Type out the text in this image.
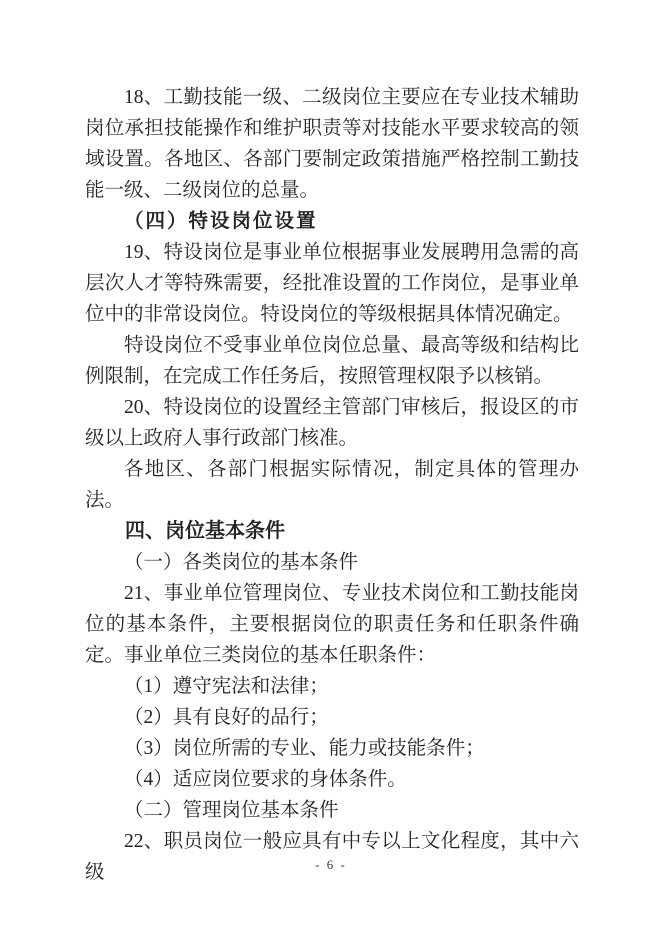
18、工勤技能一级、二级岗位主要应在专业技术辅助岗位承担技能操作和维护职责等对技能水平要求较高的领域设置。各地区、各部门要制定政策措施严格控制工勤技能一级、二级岗位的总量。

（四）特设岗位设置

19、特设岗位是事业单位根据事业发展聘用急需的高层次人才等特殊需要，经批准设置的工作岗位，是事业单位中的非常设岗位。特设岗位的等级根据具体情况确定。

特设岗位不受事业单位岗位总量、最高等级和结构比例限制，在完成工作任务后，按照管理权限予以核销。

20、特设岗位的设置经主管部门审核后，报设区的市级以上政府人事行政部门核准。

各地区、各部门根据实际情况，制定具体的管理办法。

四、岗位基本条件

（一）各类岗位的基本条件

21、事业单位管理岗位、专业技术岗位和工勤技能岗位的基本条件，主要根据岗位的职责任务和任职条件确定。事业单位三类岗位的基本任职条件：

（1）遵守宪法和法律；

（2）具有良好的品行；

（3）岗位所需的专业、能力或技能条件；

（4）适应岗位要求的身体条件。

（二）管理岗位基本条件

22、职员岗位一般应具有中专以上文化程度，其中六级	- 6 -
